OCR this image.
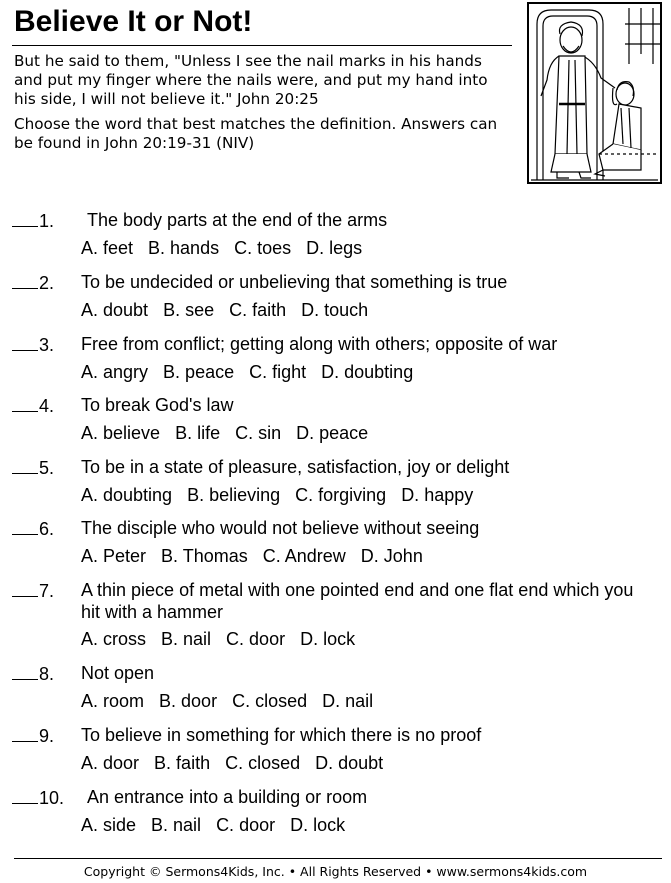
Believe It or Not!

But he said to them, "Unless I see the nail marks in his hands and put my finger where the nails were, and put my hand into his side, I will not believe it." John 20:25

Choose the word that best matches the definition. Answers can be found in John 20:19-31 (NIV)

1. The body parts at the end of the arms
A. feet B. hands C. toes D. legs
2. To be undecided or unbelieving that something is true
A. doubt B. see C. faith D. touch
3. Free from conflict; getting along with others; opposite of war
A. angry B. peace C. fight D. doubting
4. To break God's law
A. believe B. life C. sin D. peace
5. To be in a state of pleasure, satisfaction, joy or delight
A. doubting B. believing C. forgiving D. happy
6. The disciple who would not believe without seeing
A. Peter B. Thomas C. Andrew D. John
7. A thin piece of metal with one pointed end and one flat end which you hit with a hammer
A. cross B. nail C. door D. lock
8. Not open
A. room B. door C. closed D. nail
9. To believe in something for which there is no proof
A. door B. faith C. closed D. doubt
10. An entrance into a building or room
A. side B. nail C. door D. lock
Copyright © Sermons4Kids, Inc. • All Rights Reserved • www.sermons4kids.com
